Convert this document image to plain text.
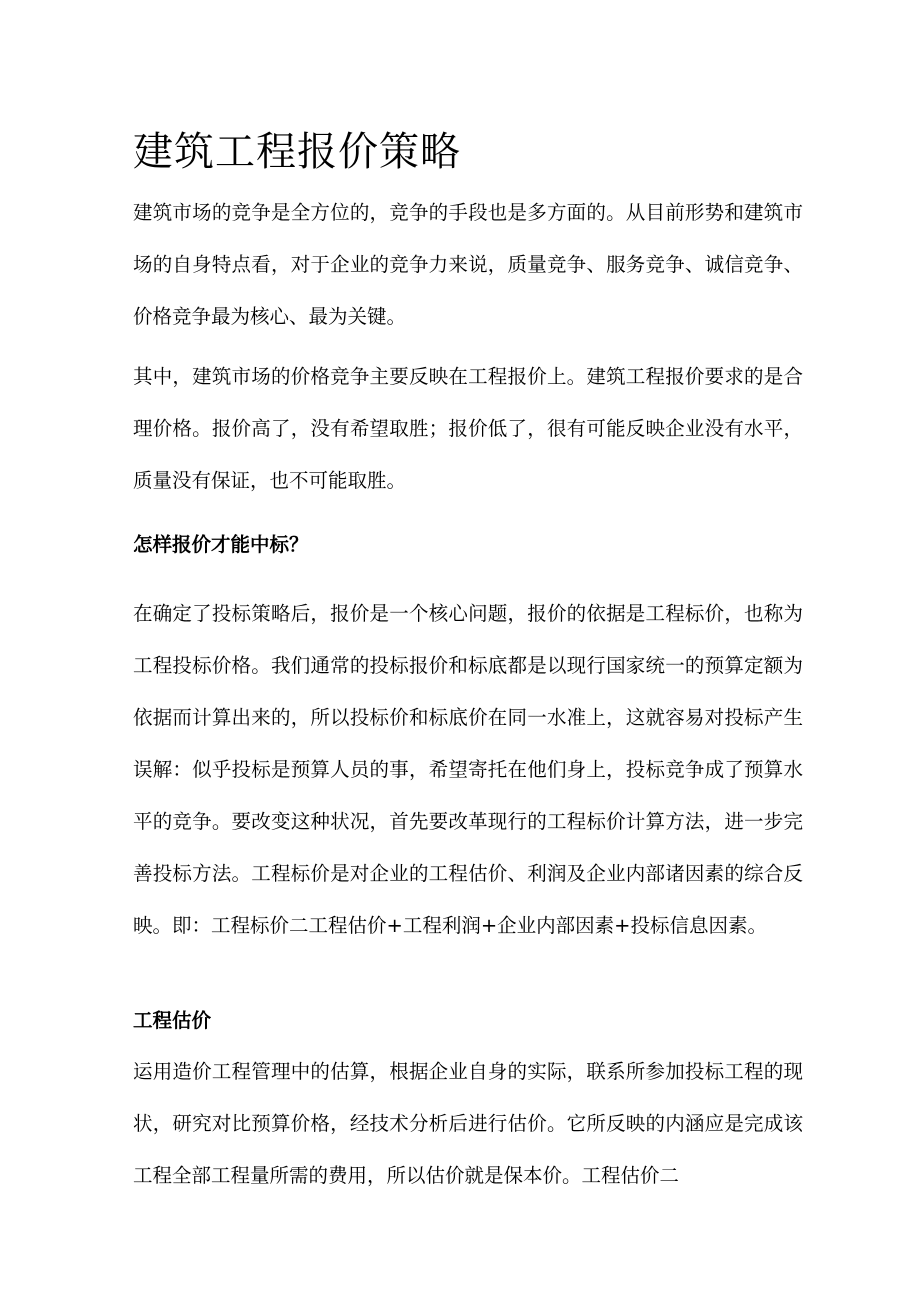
建筑工程报价策略

建筑市场的竞争是全方位的，竞争的手段也是多方面的。从目前形势和建筑市场的自身特点看，对于企业的竞争力来说，质量竞争、服务竞争、诚信竞争、价格竞争最为核心、最为关键。

其中，建筑市场的价格竞争主要反映在工程报价上。建筑工程报价要求的是合理价格。报价高了，没有希望取胜；报价低了，很有可能反映企业没有水平，质量没有保证，也不可能取胜。

怎样报价才能中标？

在确定了投标策略后，报价是一个核心问题，报价的依据是工程标价，也称为工程投标价格。我们通常的投标报价和标底都是以现行国家统一的预算定额为依据而计算出来的，所以投标价和标底价在同一水准上，这就容易对投标产生误解：似乎投标是预算人员的事，希望寄托在他们身上，投标竞争成了预算水平的竞争。要改变这种状况，首先要改革现行的工程标价计算方法，进一步完善投标方法。工程标价是对企业的工程估价、利润及企业内部诸因素的综合反映。即：工程标价二工程估价+工程利润+企业内部因素+投标信息因素。

工程估价

运用造价工程管理中的估算，根据企业自身的实际，联系所参加投标工程的现状，研究对比预算价格，经技术分析后进行估价。它所反映的内涵应是完成该工程全部工程量所需的费用，所以估价就是保本价。工程估价二
